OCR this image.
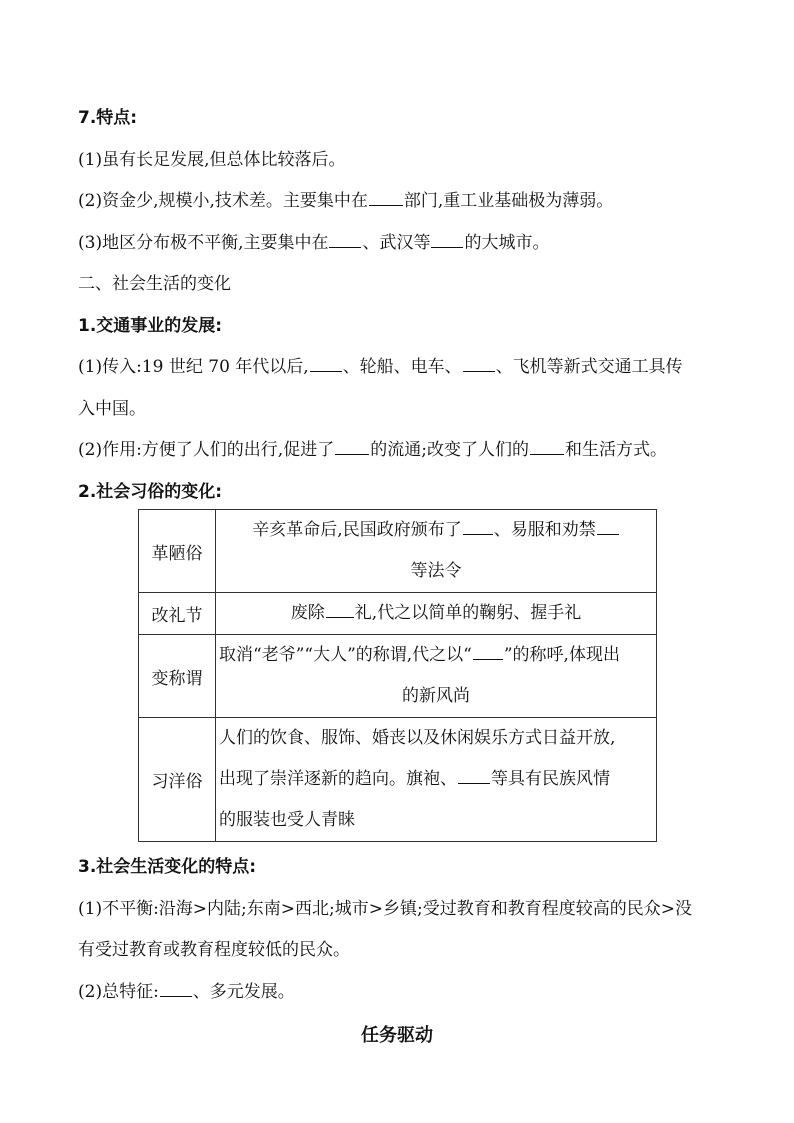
7.特点:
(1)虽有长足发展,但总体比较落后。
(2)资金少,规模小,技术差。主要集中在 部门,重工业基础极为薄弱。
(3)地区分布极不平衡,主要集中在 、武汉等 的大城市。
二、社会生活的变化
1.交通事业的发展:
(1)传入:19 世纪 70 年代以后, 、轮船、电车、 、飞机等新式交通工具传
入中国。
(2)作用:方便了人们的出行,促进了 的流通;改变了人们的 和生活方式。
2.社会习俗的变化:
革陋俗	辛亥革命后,民国政府颁布了 、易服和劝禁
等法令

改礼节	废除 礼,代之以简单的鞠躬、握手礼

变称谓	取消“老爷”“大人”的称谓,代之以“ ”的称呼,体现出
的新风尚

习洋俗	人们的饮食、服饰、婚丧以及休闲娱乐方式日益开放,
出现了崇洋逐新的趋向。旗袍、 等具有民族风情
的服装也受人青睐
3.社会生活变化的特点:
(1)不平衡:沿海>内陆;东南>西北;城市>乡镇;受过教育和教育程度较高的民众>没
有受过教育或教育程度较低的民众。
(2)总特征: 、多元发展。
任务驱动
